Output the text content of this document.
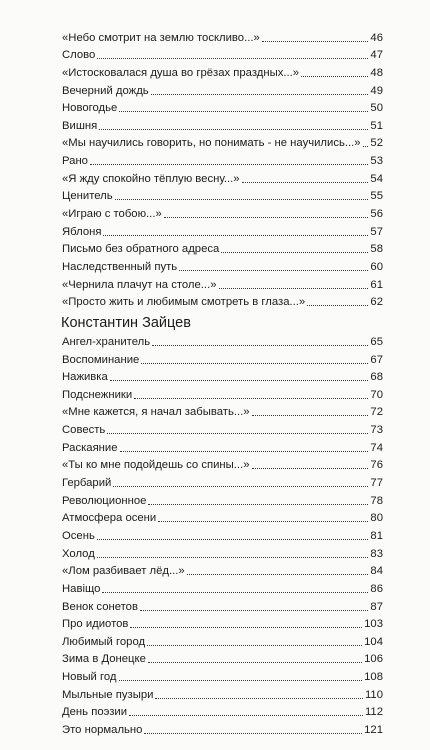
«Небо смотрит на землю тоскливо...»	46
Слово	47
«Истосковалася душа во грёзах праздных...»	48
Вечерний дождь	49
Новогодье	50
Вишня	51
«Мы научились говорить, но понимать - не научились...» 52
Рано	53
«Я жду спокойно тёплую весну...»	54
Ценитель	55
«Играю с тобою...»	56
Яблоня	57
Письмо без обратного адреса	58
Наследственный путь	60
«Чернила плачут на столе...»	61
«Просто жить и любимым смотреть в глаза...»	62
Константин Зайцев
Ангел-хранитель	65
Воспоминание	67
Наживка	68
Подснежники	70
«Мне кажется, я начал забывать...»	72
Совесть	73
Раскаяние	74
«Ты ко мне подойдешь со спины...»	76
Гербарий	77
Революционное	78
Атмосфера осени	80
Осень	81
Холод	83
«Лом разбивает лёд...»	84
Навіщо	86
Венок сонетов	87
Про идиотов	103
Любимый город	104
Зима в Донецке	106
Новый год	108
Мыльные пузыри	110
День поэзии	112
Это нормально	121
